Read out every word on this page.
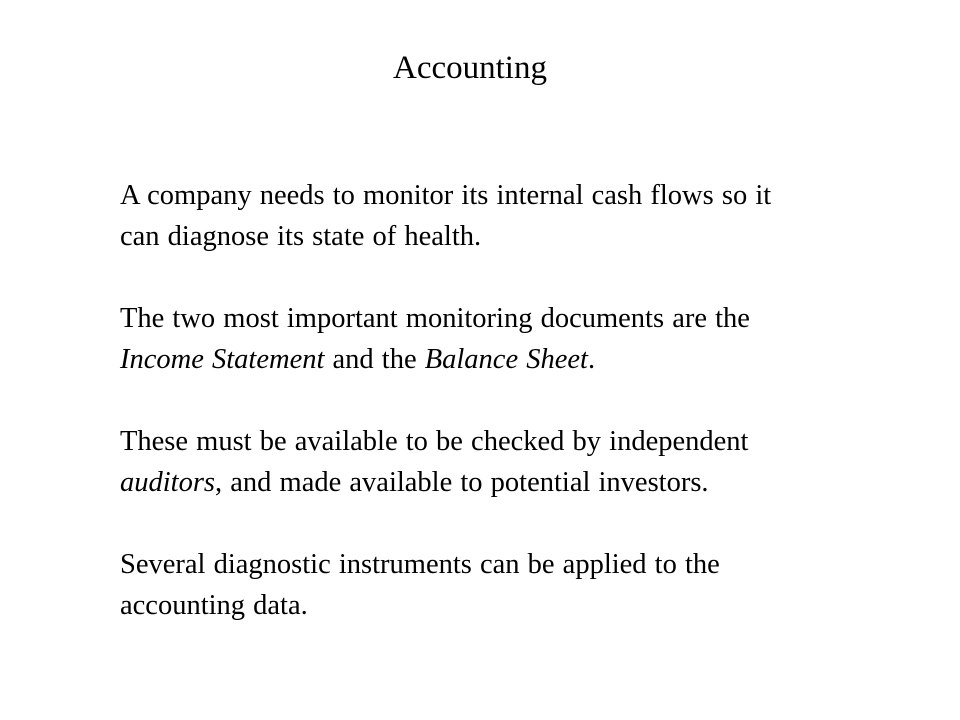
Accounting

A company needs to monitor its internal cash flows so it
can diagnose its state of health.

The two most important monitoring documents are the
Income Statement and the Balance Sheet.

These must be available to be checked by independent
auditors, and made available to potential investors.

Several diagnostic instruments can be applied to the
accounting data.
